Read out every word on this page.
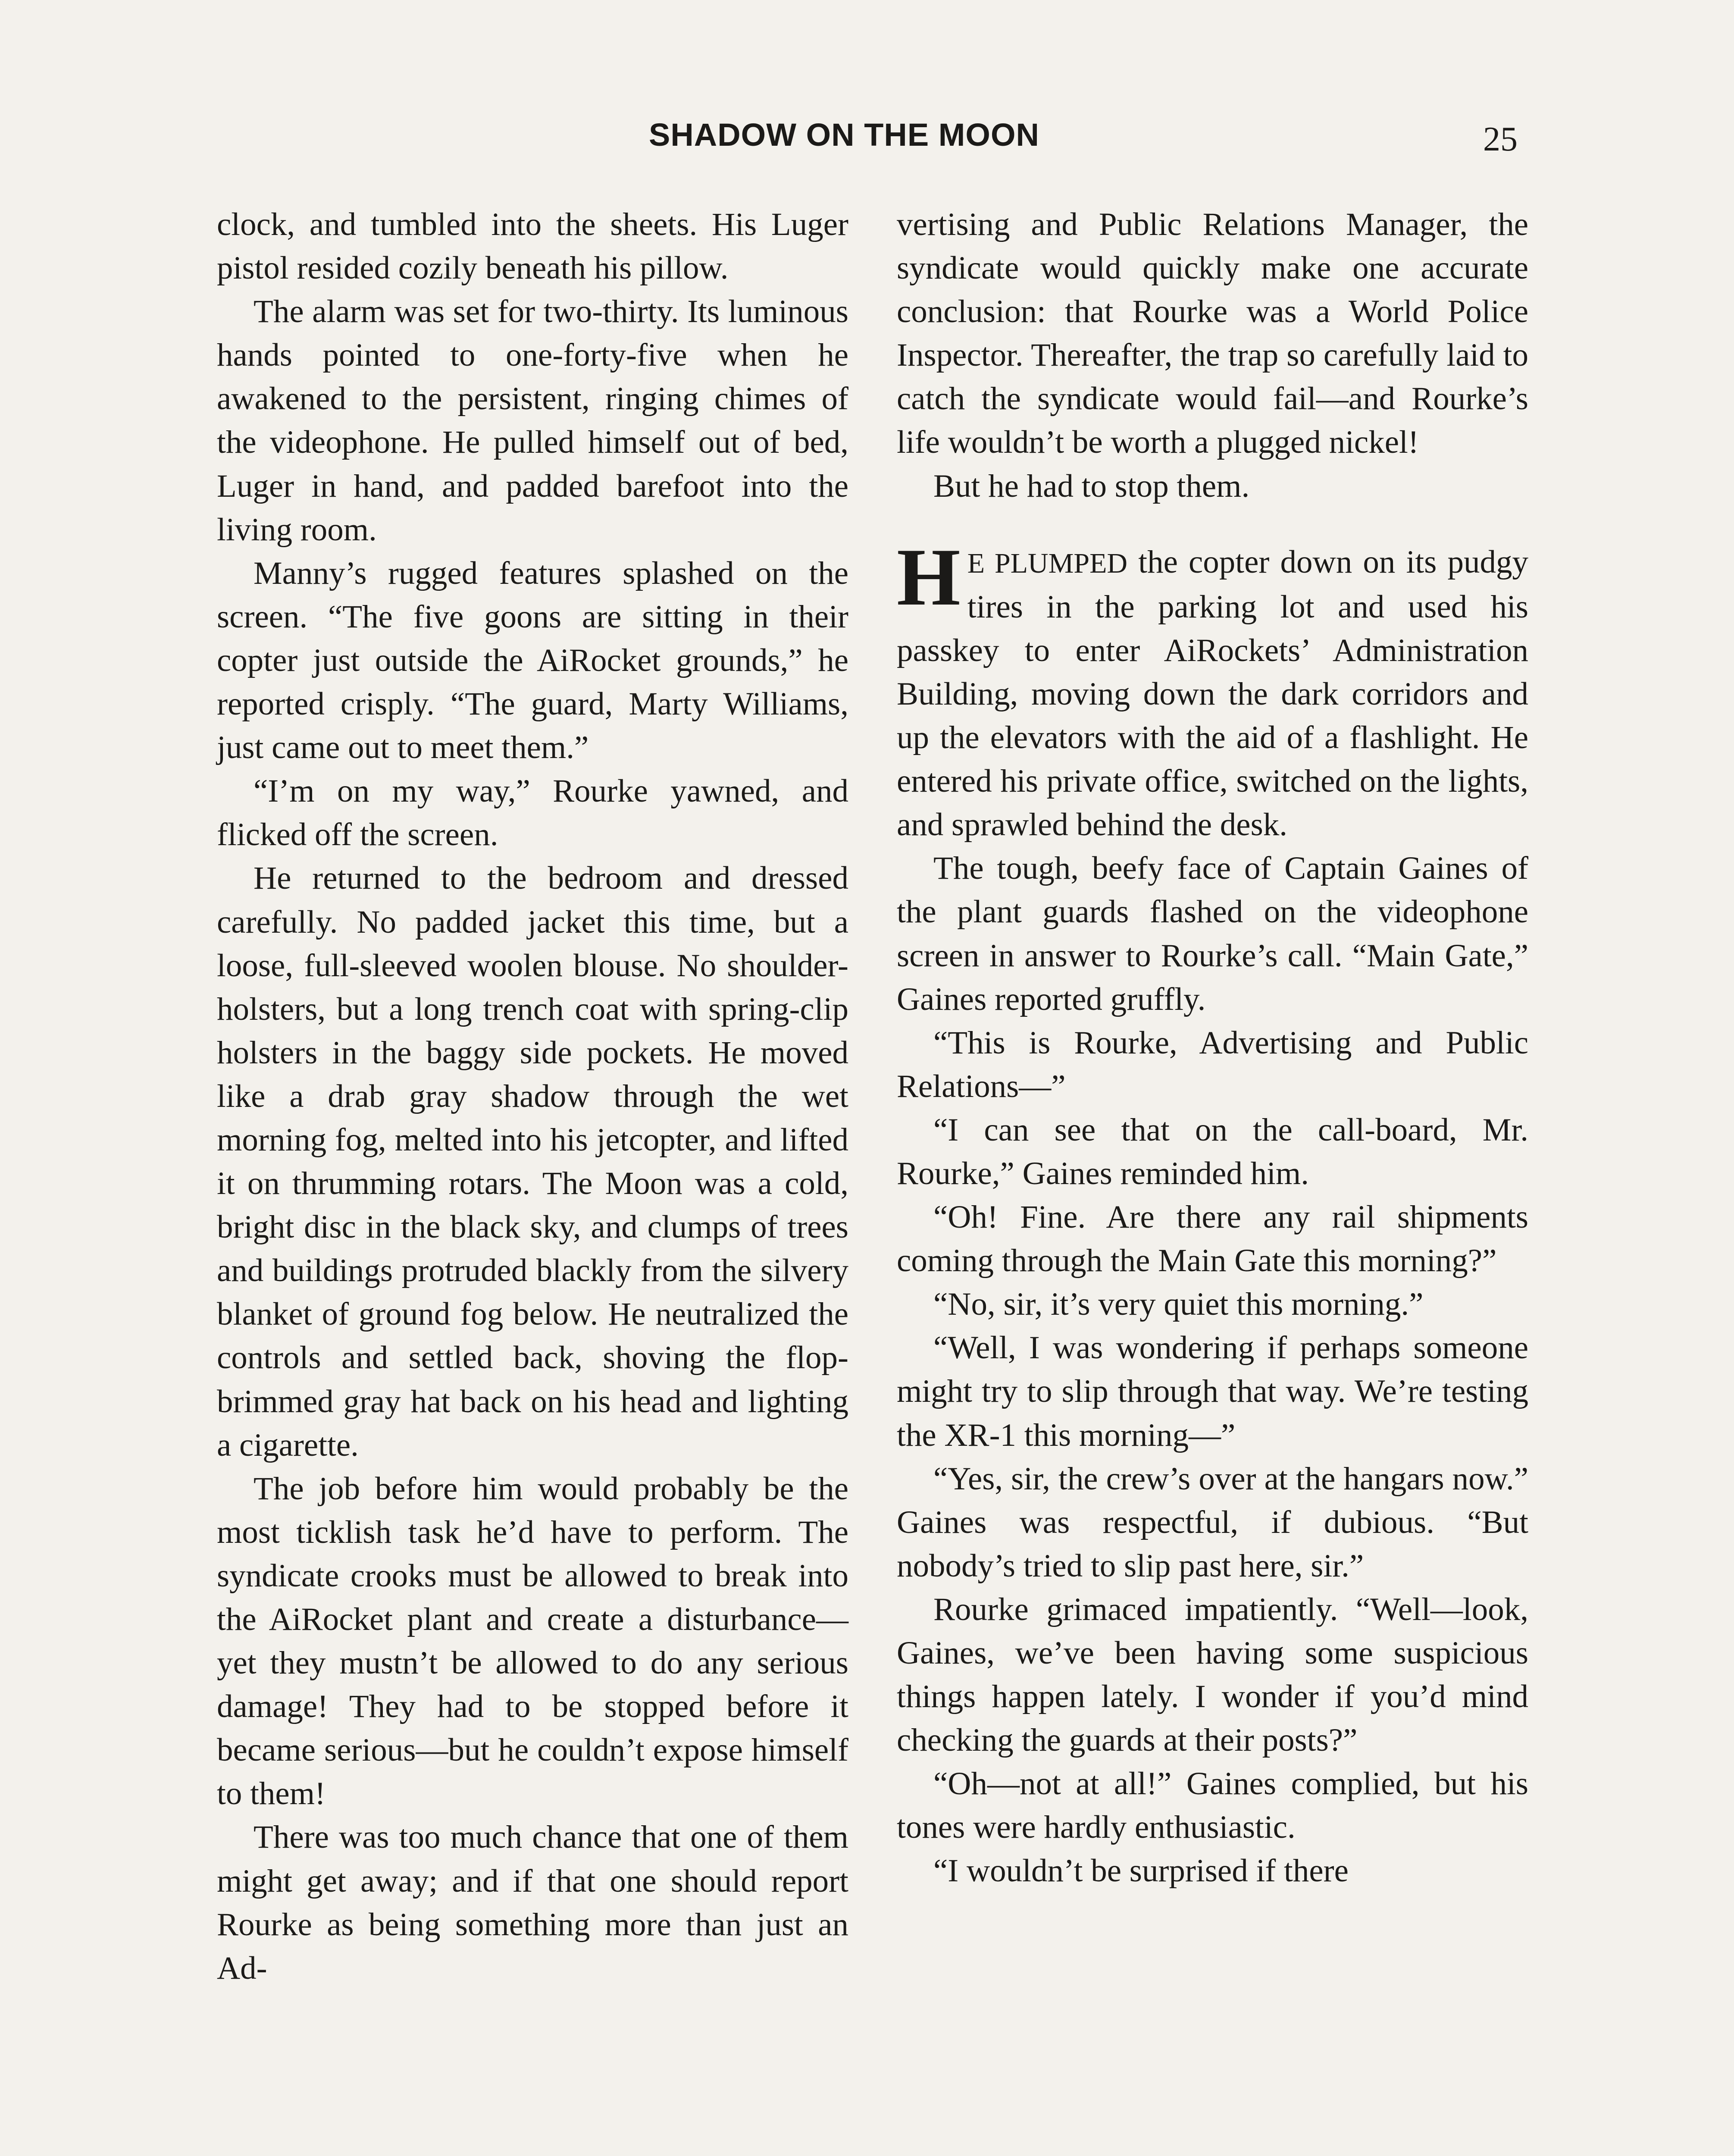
SHADOW ON THE MOON	25

clock, and tumbled into the sheets. His Luger pistol resided cozily beneath his pillow.

The alarm was set for two-thirty. Its luminous hands pointed to one-forty-five when he awakened to the persistent, ringing chimes of the videophone. He pulled himself out of bed, Luger in hand, and padded barefoot into the living room.

Manny’s rugged features splashed on the screen. “The five goons are sitting in their copter just outside the AiRocket grounds,” he reported crisply. “The guard, Marty Williams, just came out to meet them.”

“I’m on my way,” Rourke yawned, and flicked off the screen.

He returned to the bedroom and dressed carefully. No padded jacket this time, but a loose, full-sleeved woolen blouse. No shoulder-holsters, but a long trench coat with spring-clip holsters in the baggy side pockets. He moved like a drab gray shadow through the wet morning fog, melted into his jetcopter, and lifted it on thrumming rotars. The Moon was a cold, bright disc in the black sky, and clumps of trees and buildings protruded blackly from the silvery blanket of ground fog below. He neutralized the controls and settled back, shoving the flop-brimmed gray hat back on his head and lighting a cigarette.

The job before him would probably be the most ticklish task he’d have to perform. The syndicate crooks must be allowed to break into the AiRocket plant and create a disturbance—yet they mustn’t be allowed to do any serious damage! They had to be stopped before it became serious—but he couldn’t expose himself to them!

There was too much chance that one of them might get away; and if that one should report Rourke as being something more than just an Ad-

vertising and Public Relations Manager, the syndicate would quickly make one accurate conclusion: that Rourke was a World Police Inspector. Thereafter, the trap so carefully laid to catch the syndicate would fail—and Rourke’s life wouldn’t be worth a plugged nickel!

But he had to stop them.

H E PLUMPED the copter down on its pudgy tires in the parking lot and used his passkey to enter AiRockets’ Administration Building, moving down the dark corridors and up the elevators with the aid of a flashlight. He entered his private office, switched on the lights, and sprawled behind the desk.

The tough, beefy face of Captain Gaines of the plant guards flashed on the videophone screen in answer to Rourke’s call. “Main Gate,” Gaines reported gruffly.

“This is Rourke, Advertising and Public Relations—”

“I can see that on the call-board, Mr. Rourke,” Gaines reminded him.

“Oh! Fine. Are there any rail shipments coming through the Main Gate this morning?”

“No, sir, it’s very quiet this morning.”

“Well, I was wondering if perhaps someone might try to slip through that way. We’re testing the XR-1 this morning—”

“Yes, sir, the crew’s over at the hangars now.” Gaines was respectful, if dubious. “But nobody’s tried to slip past here, sir.”

Rourke grimaced impatiently. “Well—look, Gaines, we’ve been having some suspicious things happen lately. I wonder if you’d mind checking the guards at their posts?”

“Oh—not at all!” Gaines complied, but his tones were hardly enthusiastic.

“I wouldn’t be surprised if there
